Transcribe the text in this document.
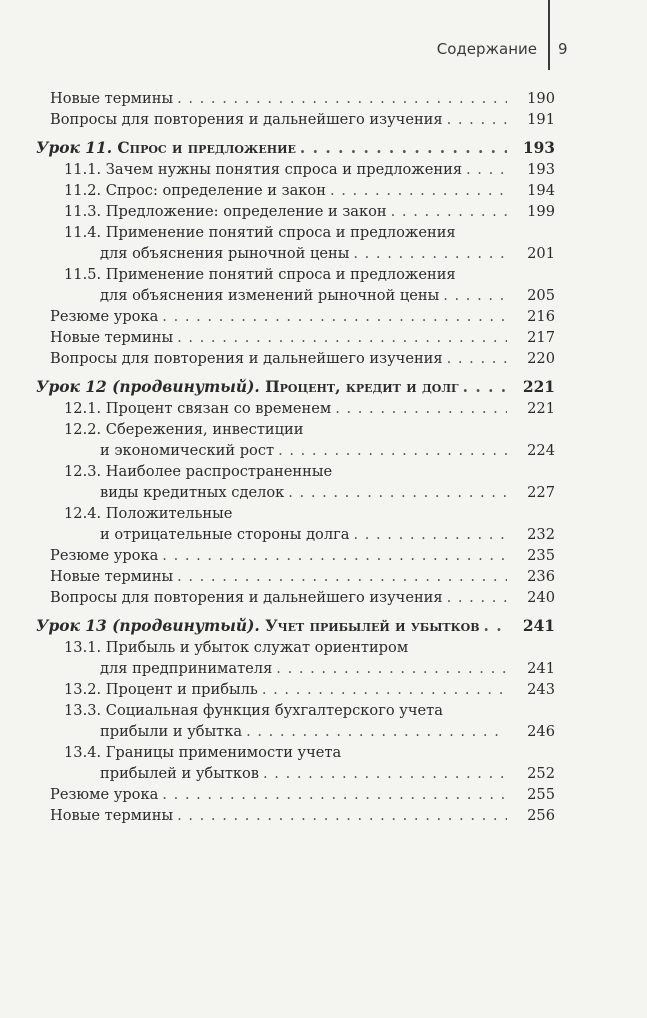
Содержание 9
Новые термины . . .	190
Вопросы для повторения и дальнейшего изучения . . .	191
Урок 11. Спрос и предложение . . .	193
11.1. Зачем нужны понятия спроса и предложения . . .	193
11.2. Спрос: определение и закон . . .	194
11.3. Предложение: определение и закон . . .	199
11.4. Применение понятий спроса и предложения
для объяснения рыночной цены . . .	201
11.5. Применение понятий спроса и предложения
для объяснения изменений рыночной цены . . .	205
Резюме урока . . .	216
Новые термины . . .	217
Вопросы для повторения и дальнейшего изучения . . .	220
Урок 12 (продвинутый). Процент, кредит и долг . . .	221
12.1. Процент связан со временем . . .	221
12.2. Сбережения, инвестиции
и экономический рост . . .	224
12.3. Наиболее распространенные
виды кредитных сделок . . .	227
12.4. Положительные
и отрицательные стороны долга . . .	232
Резюме урока . . .	235
Новые термины . . .	236
Вопросы для повторения и дальнейшего изучения . . .	240
Урок 13 (продвинутый). Учет прибылей и убытков . . .	241
13.1. Прибыль и убыток служат ориентиром
для предпринимателя . . .	241
13.2. Процент и прибыль . . .	243
13.3. Социальная функция бухгалтерского учета
прибыли и убытка . . .	246
13.4. Границы применимости учета
прибылей и убытков . . .	252
Резюме урока . . .	255
Новые термины . . .	256
